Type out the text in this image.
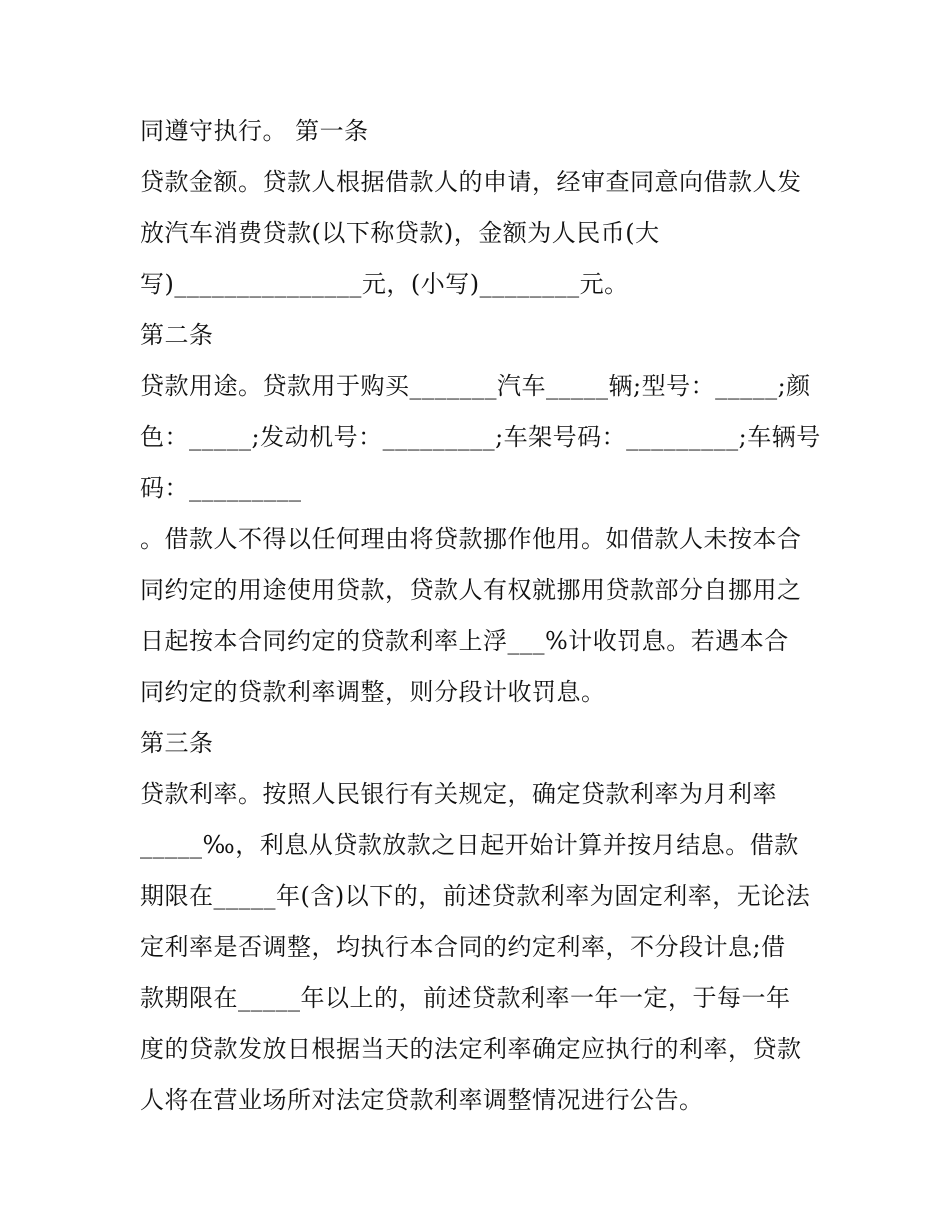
同遵守执行。 第一条
贷款金额。贷款人根据借款人的申请，经审查同意向借款人发
放汽车消费贷款(以下称贷款)，金额为人民币(大
写)_______________元，(小写)________元。
第二条
贷款用途。贷款用于购买_______汽车_____辆;型号：_____;颜
色：_____;发动机号：_________;车架号码：_________;车辆号
码：_________
。借款人不得以任何理由将贷款挪作他用。如借款人未按本合
同约定的用途使用贷款，贷款人有权就挪用贷款部分自挪用之
日起按本合同约定的贷款利率上浮___%计收罚息。若遇本合
同约定的贷款利率调整，则分段计收罚息。
第三条
贷款利率。按照人民银行有关规定，确定贷款利率为月利率
_____‰，利息从贷款放款之日起开始计算并按月结息。借款
期限在_____年(含)以下的，前述贷款利率为固定利率，无论法
定利率是否调整，均执行本合同的约定利率，不分段计息;借
款期限在_____年以上的，前述贷款利率一年一定，于每一年
度的贷款发放日根据当天的法定利率确定应执行的利率，贷款
人将在营业场所对法定贷款利率调整情况进行公告。
